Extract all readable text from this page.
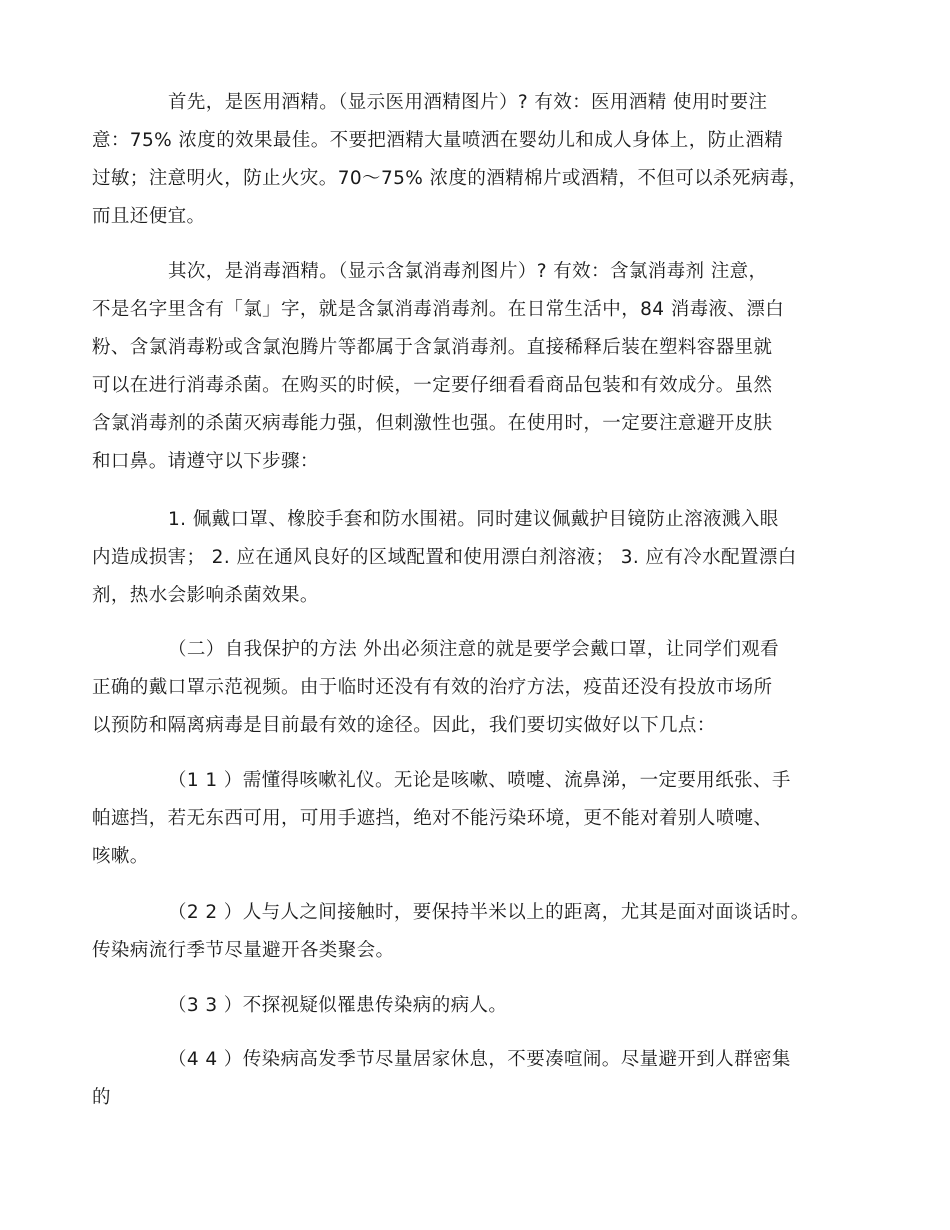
首先，是医用酒精。（显示医用酒精图片）? 有效：医用酒精 使用时要注
意：75% 浓度的效果最佳。不要把酒精大量喷洒在婴幼儿和成人身体上，防止酒精
过敏；注意明火，防止火灾。70～75% 浓度的酒精棉片或酒精，不但可以杀死病毒，
而且还便宜。
其次，是消毒酒精。（显示含氯消毒剂图片）? 有效：含氯消毒剂 注意，
不是名字里含有「氯」字，就是含氯消毒消毒剂。在日常生活中，84 消毒液、漂白
粉、含氯消毒粉或含氯泡腾片等都属于含氯消毒剂。直接稀释后装在塑料容器里就
可以在进行消毒杀菌。在购买的时候，一定要仔细看看商品包装和有效成分。虽然
含氯消毒剂的杀菌灭病毒能力强，但刺激性也强。在使用时，一定要注意避开皮肤
和口鼻。请遵守以下步骤：
1. 佩戴口罩、橡胶手套和防水围裙。同时建议佩戴护目镜防止溶液溅入眼
内造成损害； 2. 应在通风良好的区域配置和使用漂白剂溶液； 3. 应有冷水配置漂白
剂，热水会影响杀菌效果。
（二）自我保护的方法 外出必须注意的就是要学会戴口罩，让同学们观看
正确的戴口罩示范视频。由于临时还没有有效的治疗方法，疫苗还没有投放市场所
以预防和隔离病毒是目前最有效的途径。因此，我们要切实做好以下几点：
（1 1 ）需懂得咳嗽礼仪。无论是咳嗽、喷嚏、流鼻涕，一定要用纸张、手
帕遮挡，若无东西可用，可用手遮挡，绝对不能污染环境，更不能对着别人喷嚏、
咳嗽。
（2 2 ）人与人之间接触时，要保持半米以上的距离，尤其是面对面谈话时。
传染病流行季节尽量避开各类聚会。
（3 3 ）不探视疑似罹患传染病的病人。
（4 4 ）传染病高发季节尽量居家休息，不要凑喧闹。尽量避开到人群密集
的
